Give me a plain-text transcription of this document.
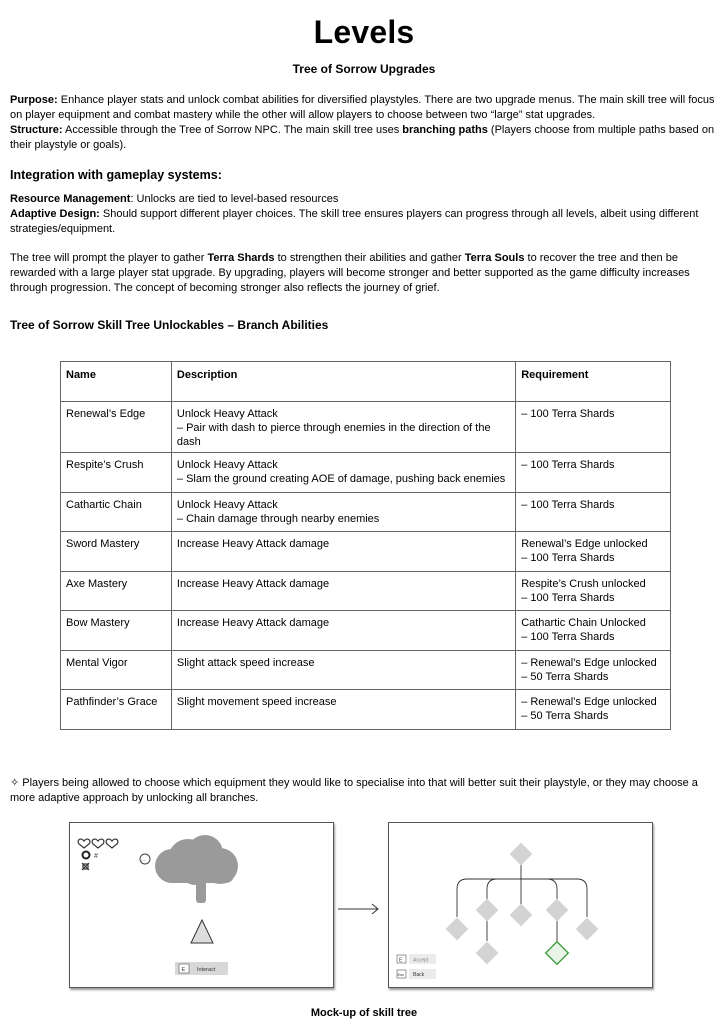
Levels
Tree of Sorrow Upgrades
Purpose: Enhance player stats and unlock combat abilities for diversified playstyles. There are two upgrade menus. The main skill tree will focus on player equipment and combat mastery while the other will allow players to choose between two “large” stat upgrades.
Structure: Accessible through the Tree of Sorrow NPC. The main skill tree uses branching paths (Players choose from multiple paths based on their playstyle or goals).
Integration with gameplay systems:
Resource Management: Unlocks are tied to level-based resources
Adaptive Design: Should support different player choices. The skill tree ensures players can progress through all levels, albeit using different strategies/equipment.
The tree will prompt the player to gather Terra Shards to strengthen their abilities and gather Terra Souls to recover the tree and then be rewarded with a large player stat upgrade. By upgrading, players will become stronger and better supported as the game difficulty increases through progression. The concept of becoming stronger also reflects the journey of grief.
Tree of Sorrow Skill Tree Unlockables – Branch Abilities
Name	Description	Requirement

Renewal’s Edge	Unlock Heavy Attack
– Pair with dash to pierce through enemies in the direction of the dash	– 100 Terra Shards

Respite’s Crush	Unlock Heavy Attack
– Slam the ground creating AOE of damage, pushing back enemies	– 100 Terra Shards

Cathartic Chain	Unlock Heavy Attack
– Chain damage through nearby enemies	– 100 Terra Shards

Sword Mastery	Increase Heavy Attack damage	Renewal’s Edge unlocked
– 100 Terra Shards

Axe Mastery	Increase Heavy Attack damage	Respite’s Crush unlocked
– 100 Terra Shards

Bow Mastery	Increase Heavy Attack damage	Cathartic Chain Unlocked
– 100 Terra Shards

Mental Vigor	Slight attack speed increase	– Renewal’s Edge unlocked
– 50 Terra Shards

Pathfinder’s Grace	Slight movement speed increase	– Renewal’s Edge unlocked
– 50 Terra Shards
✧ Players being allowed to choose which equipment they would like to specialise into that will better suit their playstyle, or they may choose a more adaptive approach by unlocking all branches.
#	...
E Interact
E
Esc Back
Mock-up of skill tree
